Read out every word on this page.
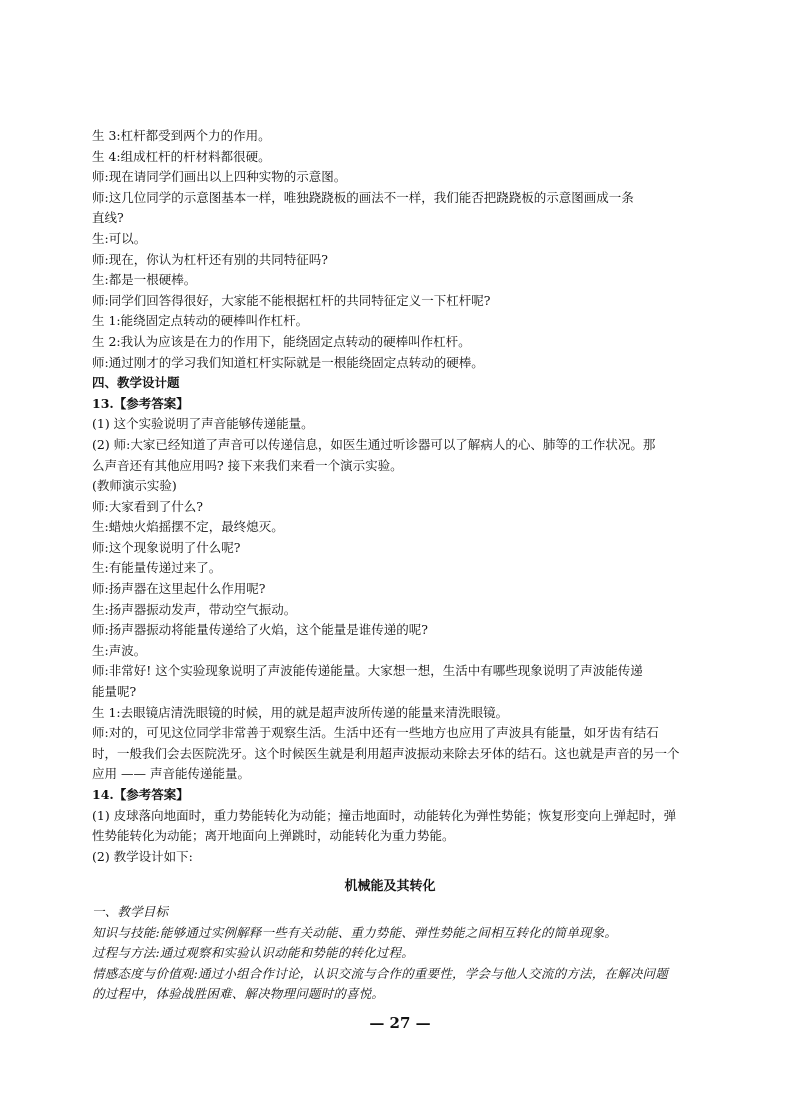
生 3:杠杆都受到两个力的作用。

生 4:组成杠杆的杆材料都很硬。

师:现在请同学们画出以上四种实物的示意图。

师:这几位同学的示意图基本一样，唯独跷跷板的画法不一样，我们能否把跷跷板的示意图画成一条

直线?

生:可以。

师:现在，你认为杠杆还有别的共同特征吗?

生:都是一根硬棒。

师:同学们回答得很好，大家能不能根据杠杆的共同特征定义一下杠杆呢?

生 1:能绕固定点转动的硬棒叫作杠杆。

生 2:我认为应该是在力的作用下，能绕固定点转动的硬棒叫作杠杆。

师:通过刚才的学习我们知道杠杆实际就是一根能绕固定点转动的硬棒。

四、教学设计题

13.【参考答案】

(1) 这个实验说明了声音能够传递能量。

(2) 师:大家已经知道了声音可以传递信息，如医生通过听诊器可以了解病人的心、肺等的工作状况。那

么声音还有其他应用吗? 接下来我们来看一个演示实验。

(教师演示实验)

师:大家看到了什么?

生:蜡烛火焰摇摆不定，最终熄灭。

师:这个现象说明了什么呢?

生:有能量传递过来了。

师:扬声器在这里起什么作用呢?

生:扬声器振动发声，带动空气振动。

师:扬声器振动将能量传递给了火焰，这个能量是谁传递的呢?

生:声波。

师:非常好! 这个实验现象说明了声波能传递能量。大家想一想，生活中有哪些现象说明了声波能传递

能量呢?

生 1:去眼镜店清洗眼镜的时候，用的就是超声波所传递的能量来清洗眼镜。

师:对的，可见这位同学非常善于观察生活。生活中还有一些地方也应用了声波具有能量，如牙齿有结石

时，一般我们会去医院洗牙。这个时候医生就是利用超声波振动来除去牙体的结石。这也就是声音的另一个

应用 —— 声音能传递能量。

14.【参考答案】

(1) 皮球落向地面时，重力势能转化为动能；撞击地面时，动能转化为弹性势能；恢复形变向上弹起时，弹

性势能转化为动能；离开地面向上弹跳时，动能转化为重力势能。

(2) 教学设计如下:

机械能及其转化

一、教学目标

知识与技能:能够通过实例解释一些有关动能、重力势能、弹性势能之间相互转化的简单现象。

过程与方法:通过观察和实验认识动能和势能的转化过程。

情感态度与价值观:通过小组合作讨论，认识交流与合作的重要性，学会与他人交流的方法，在解决问题

的过程中，体验战胜困难、解决物理问题时的喜悦。

— 27 —
